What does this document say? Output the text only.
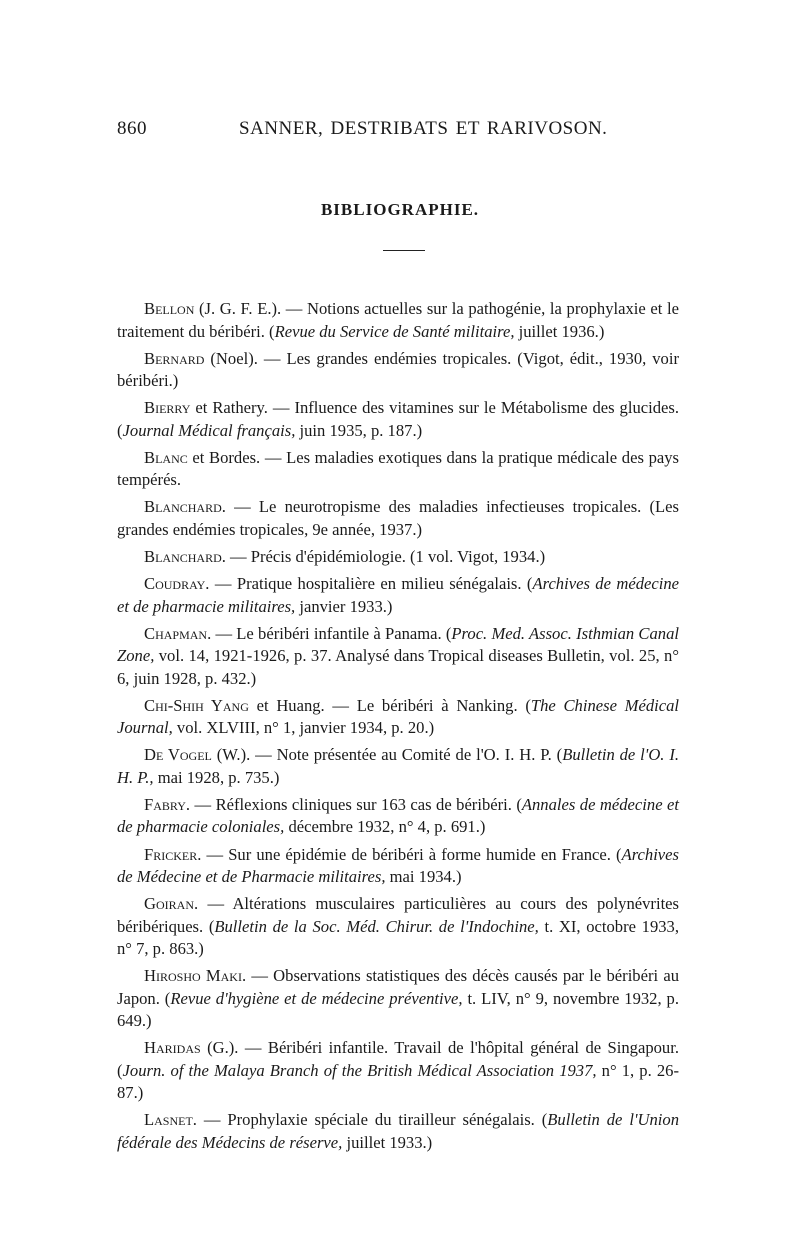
860	SANNER, DESTRIBATS ET RARIVOSON.
BIBLIOGRAPHIE.

Bellon (J. G. F. E.). — Notions actuelles sur la pathogénie, la prophylaxie et le traitement du béribéri. (Revue du Service de Santé militaire, juillet 1936.)

Bernard (Noel). — Les grandes endémies tropicales. (Vigot, édit., 1930, voir béribéri.)

Bierry et Rathery. — Influence des vitamines sur le Métabolisme des glucides. (Journal Médical français, juin 1935, p. 187.)

Blanc et Bordes. — Les maladies exotiques dans la pratique médicale des pays tempérés.

Blanchard. — Le neurotropisme des maladies infectieuses tropicales. (Les grandes endémies tropicales, 9e année, 1937.)

Blanchard. — Précis d'épidémiologie. (1 vol. Vigot, 1934.)

Coudray. — Pratique hospitalière en milieu sénégalais. (Archives de médecine et de pharmacie militaires, janvier 1933.)

Chapman. — Le béribéri infantile à Panama. (Proc. Med. Assoc. Isthmian Canal Zone, vol. 14, 1921-1926, p. 37. Analysé dans Tropical diseases Bulletin, vol. 25, n° 6, juin 1928, p. 432.)

Chi-Shih Yang et Huang. — Le béribéri à Nanking. (The Chinese Médical Journal, vol. XLVIII, n° 1, janvier 1934, p. 20.)

De Vogel (W.). — Note présentée au Comité de l'O. I. H. P. (Bulletin de l'O. I. H. P., mai 1928, p. 735.)

Fabry. — Réflexions cliniques sur 163 cas de béribéri. (Annales de médecine et de pharmacie coloniales, décembre 1932, n° 4, p. 691.)

Fricker. — Sur une épidémie de béribéri à forme humide en France. (Archives de Médecine et de Pharmacie militaires, mai 1934.)

Goiran. — Altérations musculaires particulières au cours des polynévrites béribériques. (Bulletin de la Soc. Méd. Chirur. de l'Indochine, t. XI, octobre 1933, n° 7, p. 863.)

Hirosho Maki. — Observations statistiques des décès causés par le béribéri au Japon. (Revue d'hygiène et de médecine préventive, t. LIV, n° 9, novembre 1932, p. 649.)

Haridas (G.). — Béribéri infantile. Travail de l'hôpital général de Singapour. (Journ. of the Malaya Branch of the British Médical Association 1937, n° 1, p. 26-87.)

Lasnet. — Prophylaxie spéciale du tirailleur sénégalais. (Bulletin de l'Union fédérale des Médecins de réserve, juillet 1933.)
